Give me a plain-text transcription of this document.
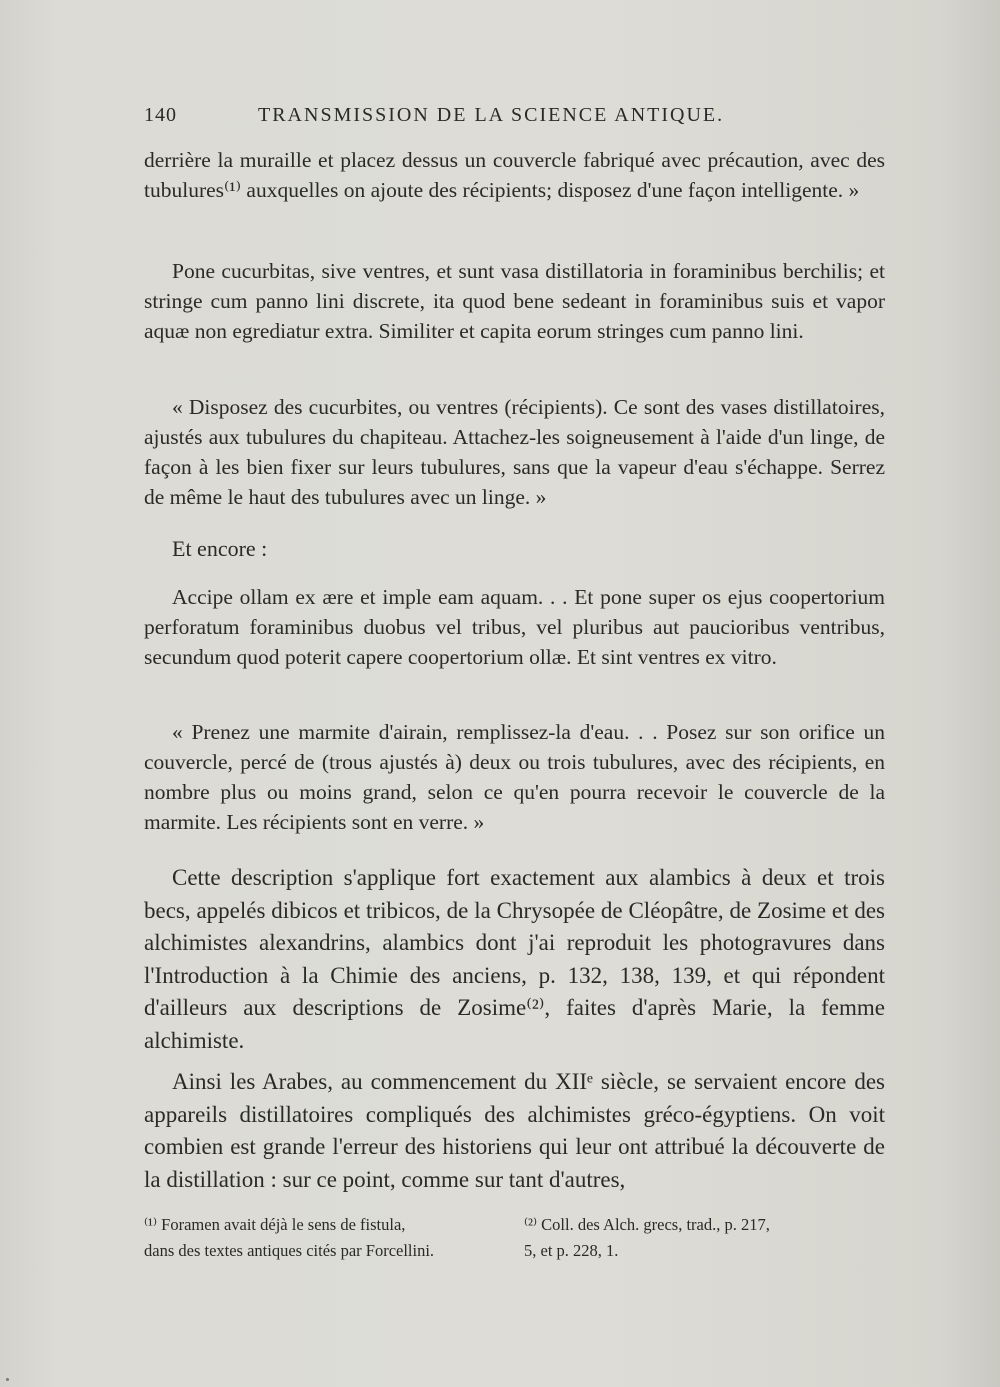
140	TRANSMISSION DE LA SCIENCE ANTIQUE.

derrière la muraille et placez dessus un couvercle fabriqué avec précaution, avec des tubulures⁽¹⁾ auxquelles on ajoute des récipients; disposez d'une façon intelligente. »

Pone cucurbitas, sive ventres, et sunt vasa distillatoria in foraminibus berchilis; et stringe cum panno lini discrete, ita quod bene sedeant in foraminibus suis et vapor aquæ non egrediatur extra. Similiter et capita eorum stringes cum panno lini.

« Disposez des cucurbites, ou ventres (récipients). Ce sont des vases distillatoires, ajustés aux tubulures du chapiteau. Attachez-les soigneusement à l'aide d'un linge, de façon à les bien fixer sur leurs tubulures, sans que la vapeur d'eau s'échappe. Serrez de même le haut des tubulures avec un linge. »

Et encore :

Accipe ollam ex ære et imple eam aquam. . . Et pone super os ejus coopertorium perforatum foraminibus duobus vel tribus, vel pluribus aut paucioribus ventribus, secundum quod poterit capere coopertorium ollæ. Et sint ventres ex vitro.

« Prenez une marmite d'airain, remplissez-la d'eau. . . Posez sur son orifice un couvercle, percé de (trous ajustés à) deux ou trois tubulures, avec des récipients, en nombre plus ou moins grand, selon ce qu'en pourra recevoir le couvercle de la marmite. Les récipients sont en verre. »

Cette description s'applique fort exactement aux alambics à deux et trois becs, appelés dibicos et tribicos, de la Chrysopée de Cléopâtre, de Zosime et des alchimistes alexandrins, alambics dont j'ai reproduit les photogravures dans l'Introduction à la Chimie des anciens, p. 132, 138, 139, et qui répondent d'ailleurs aux descriptions de Zosime⁽²⁾, faites d'après Marie, la femme alchimiste.

Ainsi les Arabes, au commencement du XIIᵉ siècle, se servaient encore des appareils distillatoires compliqués des alchimistes gréco-égyptiens. On voit combien est grande l'erreur des historiens qui leur ont attribué la découverte de la distillation : sur ce point, comme sur tant d'autres,

⁽¹⁾ Foramen avait déjà le sens de fistula,
dans des textes antiques cités par Forcellini.
⁽²⁾ Coll. des Alch. grecs, trad., p. 217,
5, et p. 228, 1.
